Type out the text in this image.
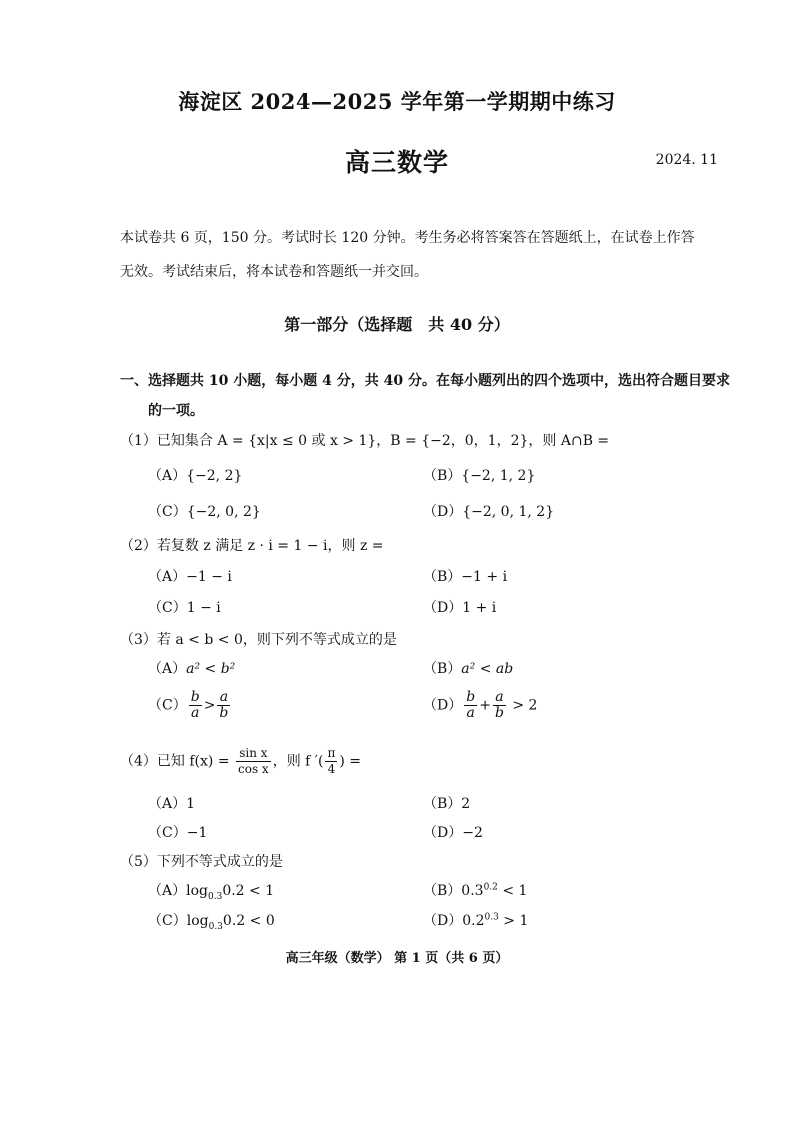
海淀区 2024—2025 学年第一学期期中练习
高三数学	2024. 11
本试卷共 6 页，150 分。考试时长 120 分钟。考生务必将答案答在答题纸上，在试卷上作答
无效。考试结束后，将本试卷和答题纸一并交回。
第一部分（选择题　共 40 分）
一、选择题共 10 小题，每小题 4 分，共 40 分。在每小题列出的四个选项中，选出符合题目要求
的一项。
（1）已知集合 A = {x|x ≤ 0 或 x > 1}，B = {−2，0，1，2}，则 A∩B =
（A）{−2, 2}	（B）{−2, 1, 2}
（C）{−2, 0, 2}	（D）{−2, 0, 1, 2}
（2）若复数 z 满足 z · i = 1 − i，则 z =
（A）−1 − i	（B）−1 + i
（C）1 − i	（D）1 + i
（3）若 a < b < 0，则下列不等式成立的是
（A）a² < b²	（B）a² < ab
$(C) \frac{b}{a} > \frac{a}{b}$	$(D) \frac{b}{a} + \frac{a}{b} > 2$
（4）已知 $f(x) = \frac{\text{sin x}}{\text{cos x}}$ ，则 f ′( $\frac{\pi}{4}$ ) =
（A）1	（B）2
（C）−1	（D）−2
（5）下列不等式成立的是
$(A)\log_{0.3}0.2 < 1$	$(B)0.3^{0.2} < 1$
$(C)\log_{0.3}0.2 < 0$	$(D)0.2^{0.3} > 1$
高三年级（数学） 第 1 页（共 6 页）
